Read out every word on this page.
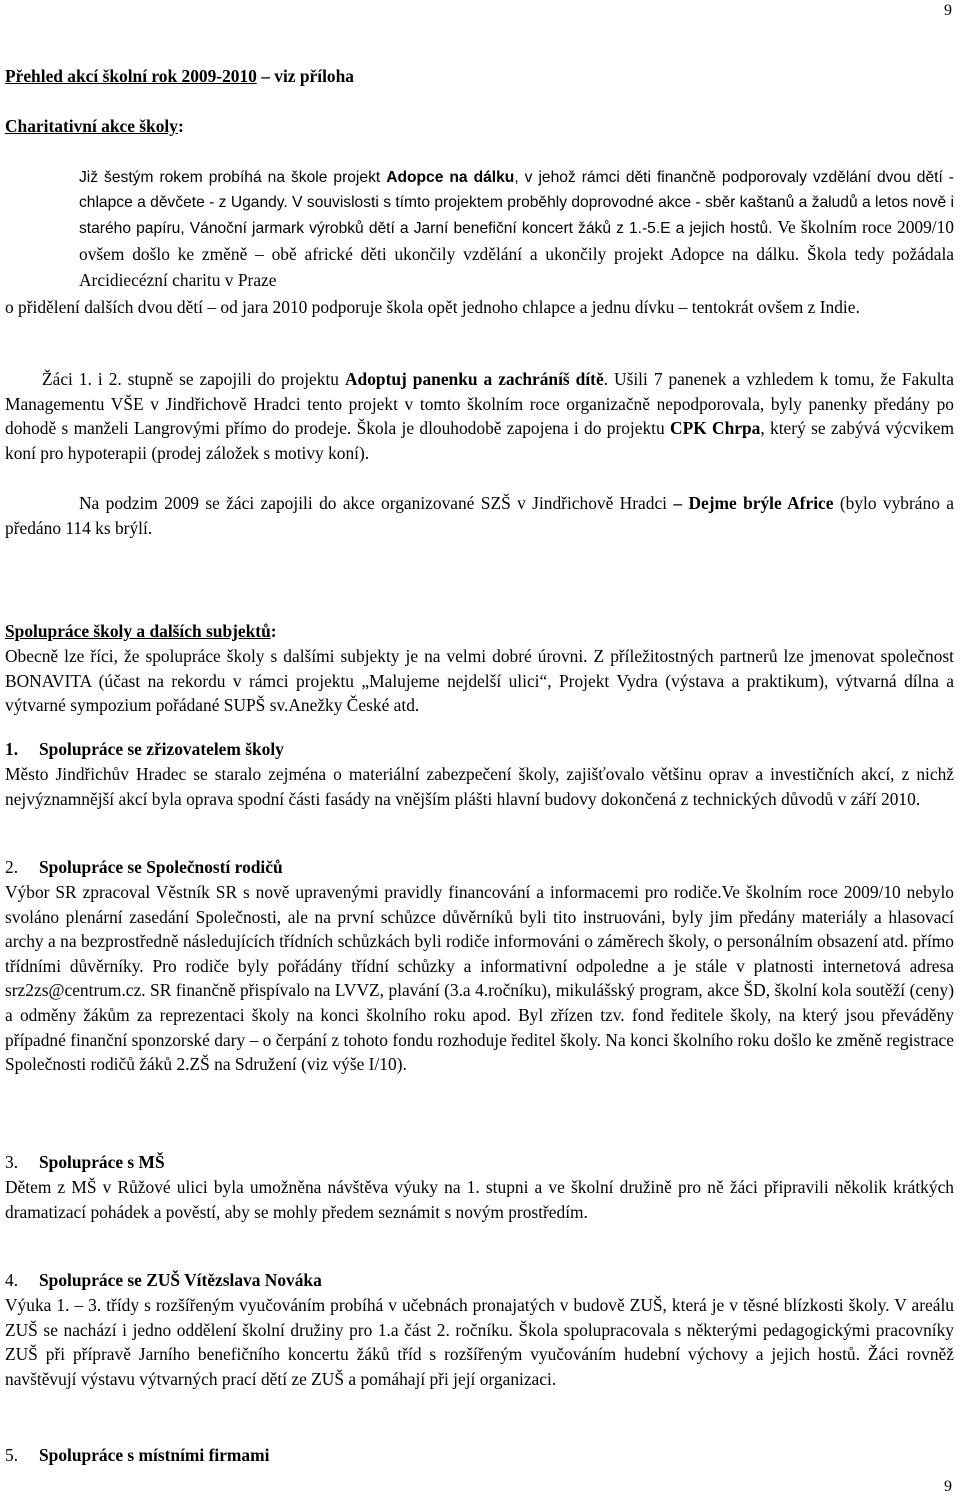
9
Přehled akcí školní rok 2009-2010 – viz příloha
Charitativní akce školy:
Již šestým rokem probíhá na škole projekt Adopce na dálku, v jehož rámci děti finančně podporovaly vzdělání dvou dětí - chlapce a děvčete - z Ugandy. V souvislosti s tímto projektem proběhly doprovodné akce - sběr kaštanů a žaludů a letos nově i starého papíru, Vánoční jarmark výrobků dětí a Jarní benefiční koncert žáků z 1.-5.E a jejich hostů. Ve školním roce 2009/10 ovšem došlo ke změně – obě africké děti ukončily vzdělání a ukončily projekt Adopce na dálku. Škola tedy požádala Arcidiecézní charitu v Praze
o přidělení dalších dvou dětí – od jara 2010 podporuje škola opět jednoho chlapce a jednu dívku – tentokrát ovšem z Indie.
Žáci 1. i 2. stupně se zapojili do projektu Adoptuj panenku a zachráníš dítě. Ušili 7 panenek a vzhledem k tomu, že Fakulta Managementu VŠE v Jindřichově Hradci tento projekt v tomto školním roce organizačně nepodporovala, byly panenky předány po dohodě s manželi Langrovými přímo do prodeje. Škola je dlouhodobě zapojena i do projektu CPK Chrpa, který se zabývá výcvikem koní pro hypoterapii (prodej záložek s motivy koní).
Na podzim 2009 se žáci zapojili do akce organizované SZŠ v Jindřichově Hradci – Dejme brýle Africe (bylo vybráno a předáno 114 ks brýlí.
Spolupráce školy a dalších subjektů:
Obecně lze říci, že spolupráce školy s dalšími subjekty je na velmi dobré úrovni. Z příležitostných partnerů lze jmenovat společnost BONAVITA (účast na rekordu v rámci projektu „Malujeme nejdelší ulici“, Projekt Vydra (výstava a praktikum), výtvarná dílna a výtvarné sympozium pořádané SUPŠ sv.Anežky České atd.
1.	Spolupráce se zřizovatelem školy
Město Jindřichův Hradec se staralo zejména o materiální zabezpečení školy, zajišťovalo většinu oprav a investičních akcí, z nichž nejvýznamnější akcí byla oprava spodní části fasády na vnějším plášti hlavní budovy dokončená z technických důvodů v září 2010.
2.	Spolupráce se Společností rodičů
Výbor SR zpracoval Věstník SR s nově upravenými pravidly financování a informacemi pro rodiče.Ve školním roce 2009/10 nebylo svoláno plenární zasedání Společnosti, ale na první schůzce důvěrníků byli tito instruováni, byly jim předány materiály a hlasovací archy a na bezprostředně následujících třídních schůzkách byli rodiče informováni o záměrech školy, o personálním obsazení atd. přímo třídními důvěrníky. Pro rodiče byly pořádány třídní schůzky a informativní odpoledne a je stále v platnosti internetová adresa srz2zs@centrum.cz. SR finančně přispívalo na LVVZ, plavání (3.a 4.ročníku), mikulášský program, akce ŠD, školní kola soutěží (ceny) a odměny žákům za reprezentaci školy na konci školního roku apod. Byl zřízen tzv. fond ředitele školy, na který jsou převáděny případné finanční sponzorské dary – o čerpání z tohoto fondu rozhoduje ředitel školy. Na konci školního roku došlo ke změně registrace Společnosti rodičů žáků 2.ZŠ na Sdružení (viz výše I/10).
3.	Spolupráce s MŠ
Dětem z MŠ v Růžové ulici byla umožněna návštěva výuky na 1. stupni a ve školní družině pro ně žáci připravili několik krátkých dramatizací pohádek a pověstí, aby se mohly předem seznámit s novým prostředím.
4.	Spolupráce se ZUŠ Vítězslava Nováka
Výuka 1. – 3. třídy s rozšířeným vyučováním probíhá v učebnách pronajatých v budově ZUŠ, která je v těsné blízkosti školy. V areálu ZUŠ se nachází i jedno oddělení školní družiny pro 1.a část 2. ročníku. Škola spolupracovala s některými pedagogickými pracovníky ZUŠ při přípravě Jarního benefičního koncertu žáků tříd s rozšířeným vyučováním hudební výchovy a jejich hostů. Žáci rovněž navštěvují výstavu výtvarných prací dětí ze ZUŠ a pomáhají při její organizaci.
5.	Spolupráce s místními firmami
9
